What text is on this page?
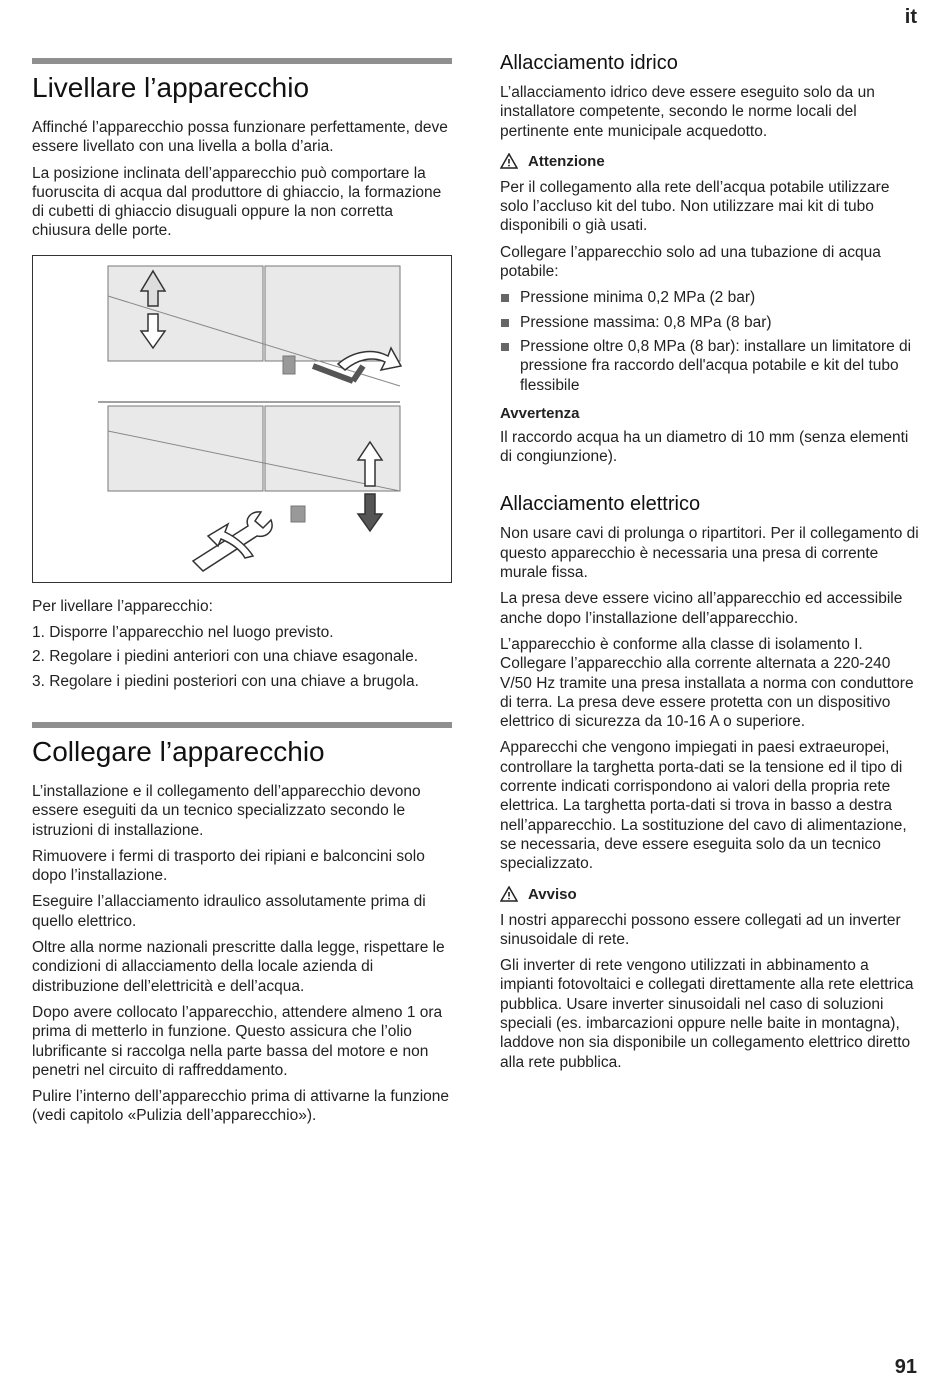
it
Livellare l’apparecchio

Affinché l’apparecchio possa funzionare perfettamente, deve essere livellato con una livella a bolla d’aria.

La posizione inclinata dell’apparecchio può comportare la fuoruscita di acqua dal produttore di ghiaccio, la formazione di cubetti di ghiaccio disuguali oppure la non corretta chiusura delle porte.

Per livellare l’apparecchio:

1. Disporre l’apparecchio nel luogo previsto.
2. Regolare i piedini anteriori con una chiave esagonale.
3. Regolare i piedini posteriori con una chiave a brugola.
Collegare l’apparecchio

L’installazione e il collegamento dell’apparecchio devono essere eseguiti da un tecnico specializzato secondo le istruzioni di installazione.

Rimuovere i fermi di trasporto dei ripiani e balconcini solo dopo l’installazione.

Eseguire l’allacciamento idraulico assolutamente prima di quello elettrico.

Oltre alla norme nazionali prescritte dalla legge, rispettare le condizioni di allacciamento della locale azienda di distribuzione dell’elettricità e dell’acqua.

Dopo avere collocato l’apparecchio, attendere almeno 1 ora prima di metterlo in funzione. Questo assicura che l’olio lubrificante si raccolga nella parte bassa del motore e non penetri nel circuito di raffreddamento.

Pulire l’interno dell’apparecchio prima di attivarne la funzione (vedi capitolo «Pulizia dell’apparecchio»).

Allacciamento idrico

L’allacciamento idrico deve essere eseguito solo da un installatore competente, secondo le norme locali del pertinente ente municipale acquedotto.

Attenzione

Per il collegamento alla rete dell’acqua potabile utilizzare solo l’accluso kit del tubo. Non utilizzare mai kit di tubo disponibili o già usati.

Collegare l’apparecchio solo ad una tubazione di acqua potabile:

Pressione minima 0,2 MPa (2 bar)
Pressione massima: 0,8 MPa (8 bar)
Pressione oltre 0,8 MPa (8 bar): installare un limitatore di pressione fra raccordo dell'acqua potabile e kit del tubo flessibile
Avvertenza

Il raccordo acqua ha un diametro di 10 mm (senza elementi di congiunzione).

Allacciamento elettrico

Non usare cavi di prolunga o ripartitori. Per il collegamento di questo apparecchio è necessaria una presa di corrente murale fissa.

La presa deve essere vicino all’apparecchio ed accessibile anche dopo l’installazione dell’apparecchio.

L’apparecchio è conforme alla classe di isolamento I. Collegare l’apparecchio alla corrente alternata a 220-240 V/50 Hz tramite una presa installata a norma con conduttore di terra. La presa deve essere protetta con un dispositivo elettrico di sicurezza da 10-16 A o superiore.

Apparecchi che vengono impiegati in paesi extraeuropei, controllare la targhetta porta-dati se la tensione ed il tipo di corrente indicati corrispondono ai valori della propria rete elettrica. La targhetta porta-dati si trova in basso a destra nell’apparecchio. La sostituzione del cavo di alimentazione, se necessaria, deve essere eseguita solo da un tecnico specializzato.

Avviso

I nostri apparecchi possono essere collegati ad un inverter sinusoidale di rete.

Gli inverter di rete vengono utilizzati in abbinamento a impianti fotovoltaici e collegati direttamente alla rete elettrica pubblica. Usare inverter sinusoidali nel caso di soluzioni speciali (es. imbarcazioni oppure nelle baite in montagna), laddove non sia disponibile un collegamento elettrico diretto alla rete pubblica.

91
